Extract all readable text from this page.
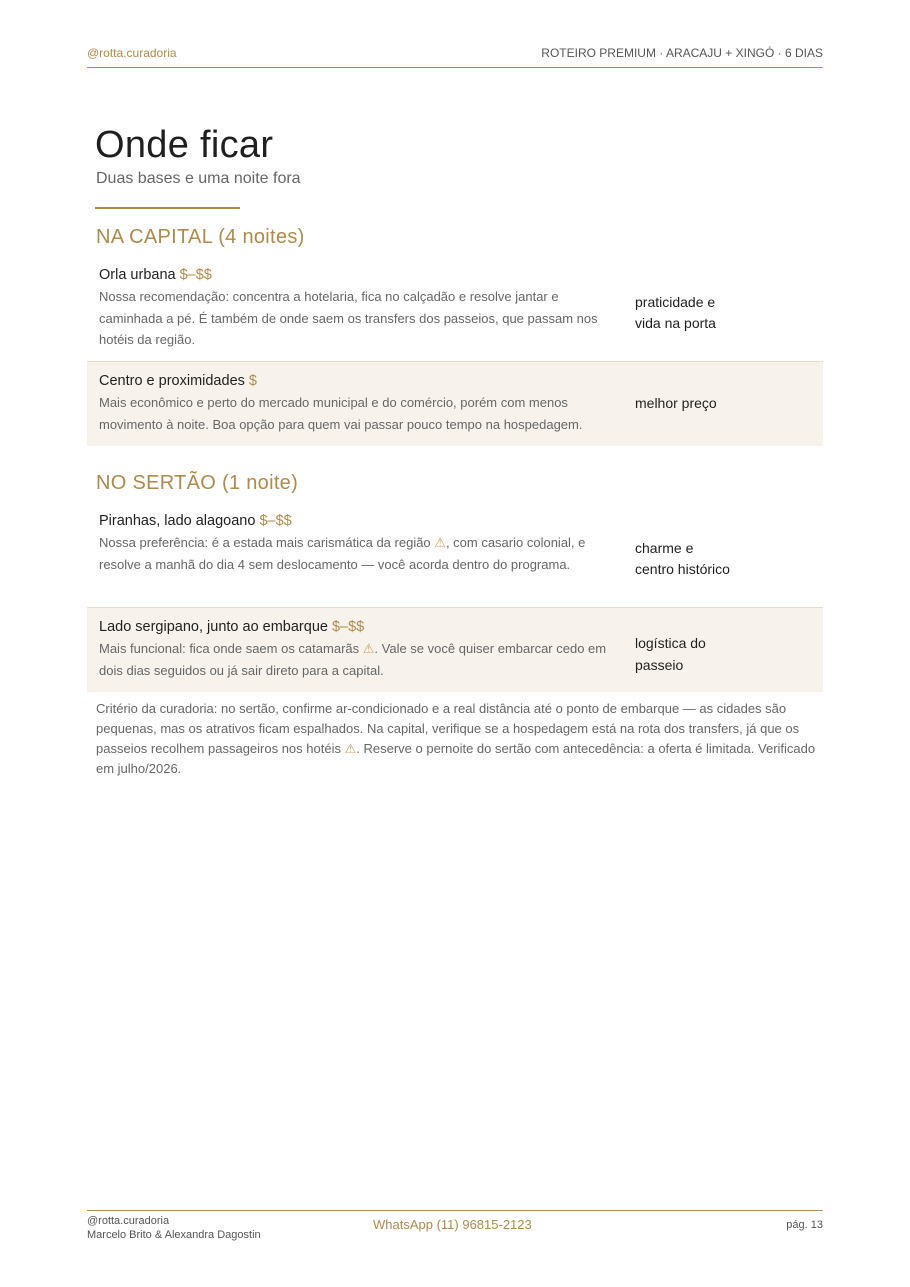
@rotta.curadoria	ROTEIRO PREMIUM · ARACAJU + XINGÓ · 6 DIAS
Onde ficar
Duas bases e uma noite fora
NA CAPITAL (4 noites)
Orla urbana $–$$
Nossa recomendação: concentra a hotelaria, fica no calçadão e resolve jantar e caminhada a pé. É também de onde saem os transfers dos passeios, que passam nos hotéis da região.
praticidade e
vida na porta
Centro e proximidades $
Mais econômico e perto do mercado municipal e do comércio, porém com menos movimento à noite. Boa opção para quem vai passar pouco tempo na hospedagem.
melhor preço
NO SERTÃO (1 noite)
Piranhas, lado alagoano $–$$
Nossa preferência: é a estada mais carismática da região ⚠, com casario colonial, e resolve a manhã do dia 4 sem deslocamento — você acorda dentro do programa.
charme e
centro histórico
Lado sergipano, junto ao embarque $–$$
Mais funcional: fica onde saem os catamarãs ⚠. Vale se você quiser embarcar cedo em dois dias seguidos ou já sair direto para a capital.
logística do
passeio
Critério da curadoria: no sertão, confirme ar-condicionado e a real distância até o ponto de embarque — as cidades são pequenas, mas os atrativos ficam espalhados. Na capital, verifique se a hospedagem está na rota dos transfers, já que os passeios recolhem passageiros nos hotéis ⚠. Reserve o pernoite do sertão com antecedência: a oferta é limitada. Verificado em julho/2026.
@rotta.curadoria
Marcelo Brito & Alexandra Dagostin
WhatsApp (11) 96815-2123	pág. 13
